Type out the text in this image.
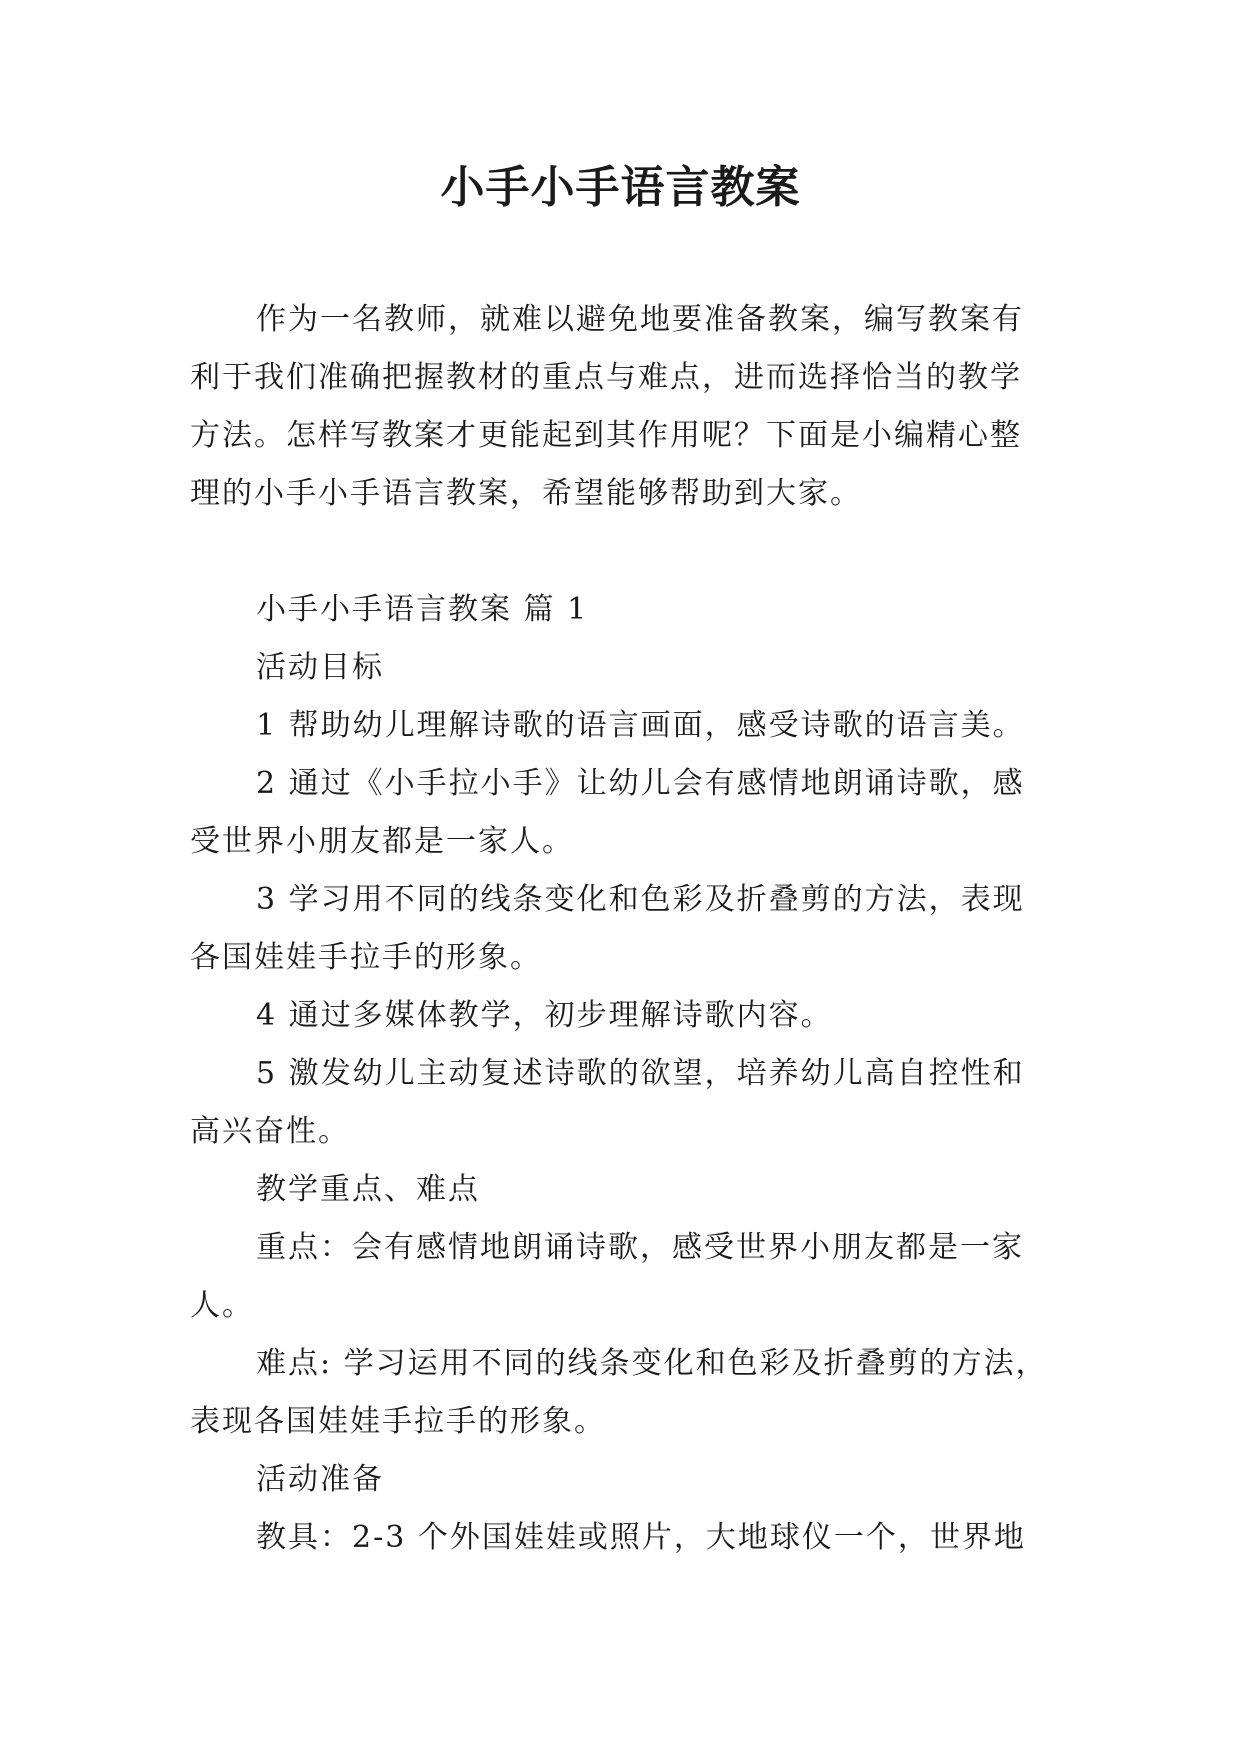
小手小手语言教案
作为一名教师，就难以避免地要准备教案，编写教案有
利于我们准确把握教材的重点与难点，进而选择恰当的教学
方法。怎样写教案才更能起到其作用呢？下面是小编精心整
理的小手小手语言教案，希望能够帮助到大家。
小手小手语言教案 篇 1
活动目标
1 帮助幼儿理解诗歌的语言画面，感受诗歌的语言美。
2 通过《小手拉小手》让幼儿会有感情地朗诵诗歌，感
受世界小朋友都是一家人。
3 学习用不同的线条变化和色彩及折叠剪的方法，表现
各国娃娃手拉手的形象。
4 通过多媒体教学，初步理解诗歌内容。
5 激发幼儿主动复述诗歌的欲望，培养幼儿高自控性和
高兴奋性。
教学重点、难点
重点：会有感情地朗诵诗歌，感受世界小朋友都是一家
人。
难点: 学习运用不同的线条变化和色彩及折叠剪的方法，
表现各国娃娃手拉手的形象。
活动准备
教具：2-3 个外国娃娃或照片，大地球仪一个，世界地
